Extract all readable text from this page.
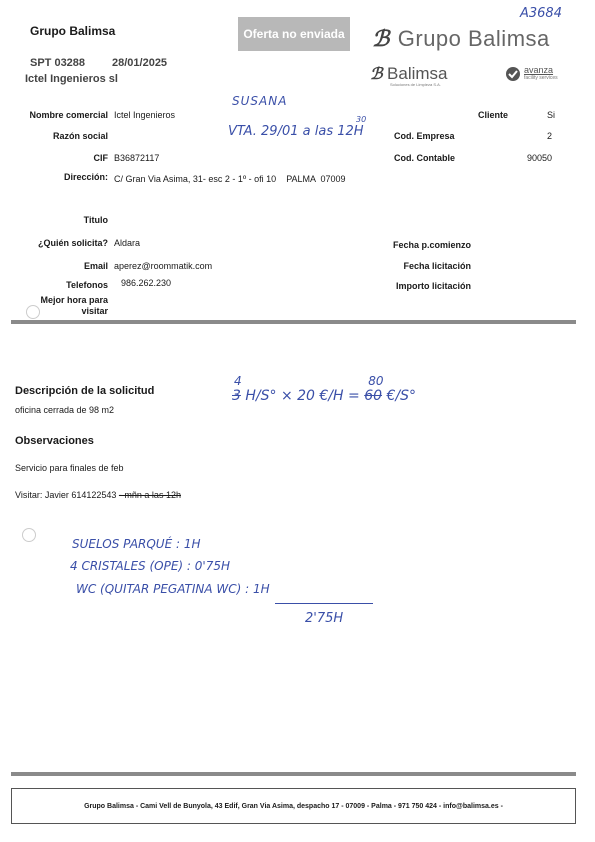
Grupo Balimsa
SPT 03288 28/01/2025
Ictel Ingenieros sl
Oferta no enviada
A3684
ℬ Grupo Balimsa
ℬ Balimsa
Soluciones de Limpieza S.A.
avanza
facility services
Nombre comercial Ictel Ingenieros
Razón social
CIF B36872117
Dirección: C/ Gran Via Asima, 31- esc 2 - 1º - ofi 10    PALMA  07009
Cliente	Si
Cod. Empresa	2
Cod. Contable	90050
SUSANA
VTA. 29/01 a las 12H
30
Titulo
¿Quién solicita? Aldara
Email aperez@roommatik.com
Telefonos 986.262.230
Mejor hora para
visitar
Fecha p.comienzo
Fecha licitación
Importo licitación
Descripción de la solicitud
oficina cerrada de 98 m2
Observaciones
Servicio para finales de feb
Visitar: Javier 614122543 - mñn a las 12h
4
3 H/S° × 20 €/H =
80
60 €/S°
SUELOS PARQUÉ : 1H
4 CRISTALES (OPE) : 0'75H
WC (QUITAR PEGATINA WC) : 1H
2'75H
Grupo Balimsa - Cami Vell de Bunyola, 43 Edif, Gran Via Asima, despacho 17 - 07009 - Palma - 971 750 424 - info@balimsa.es -
